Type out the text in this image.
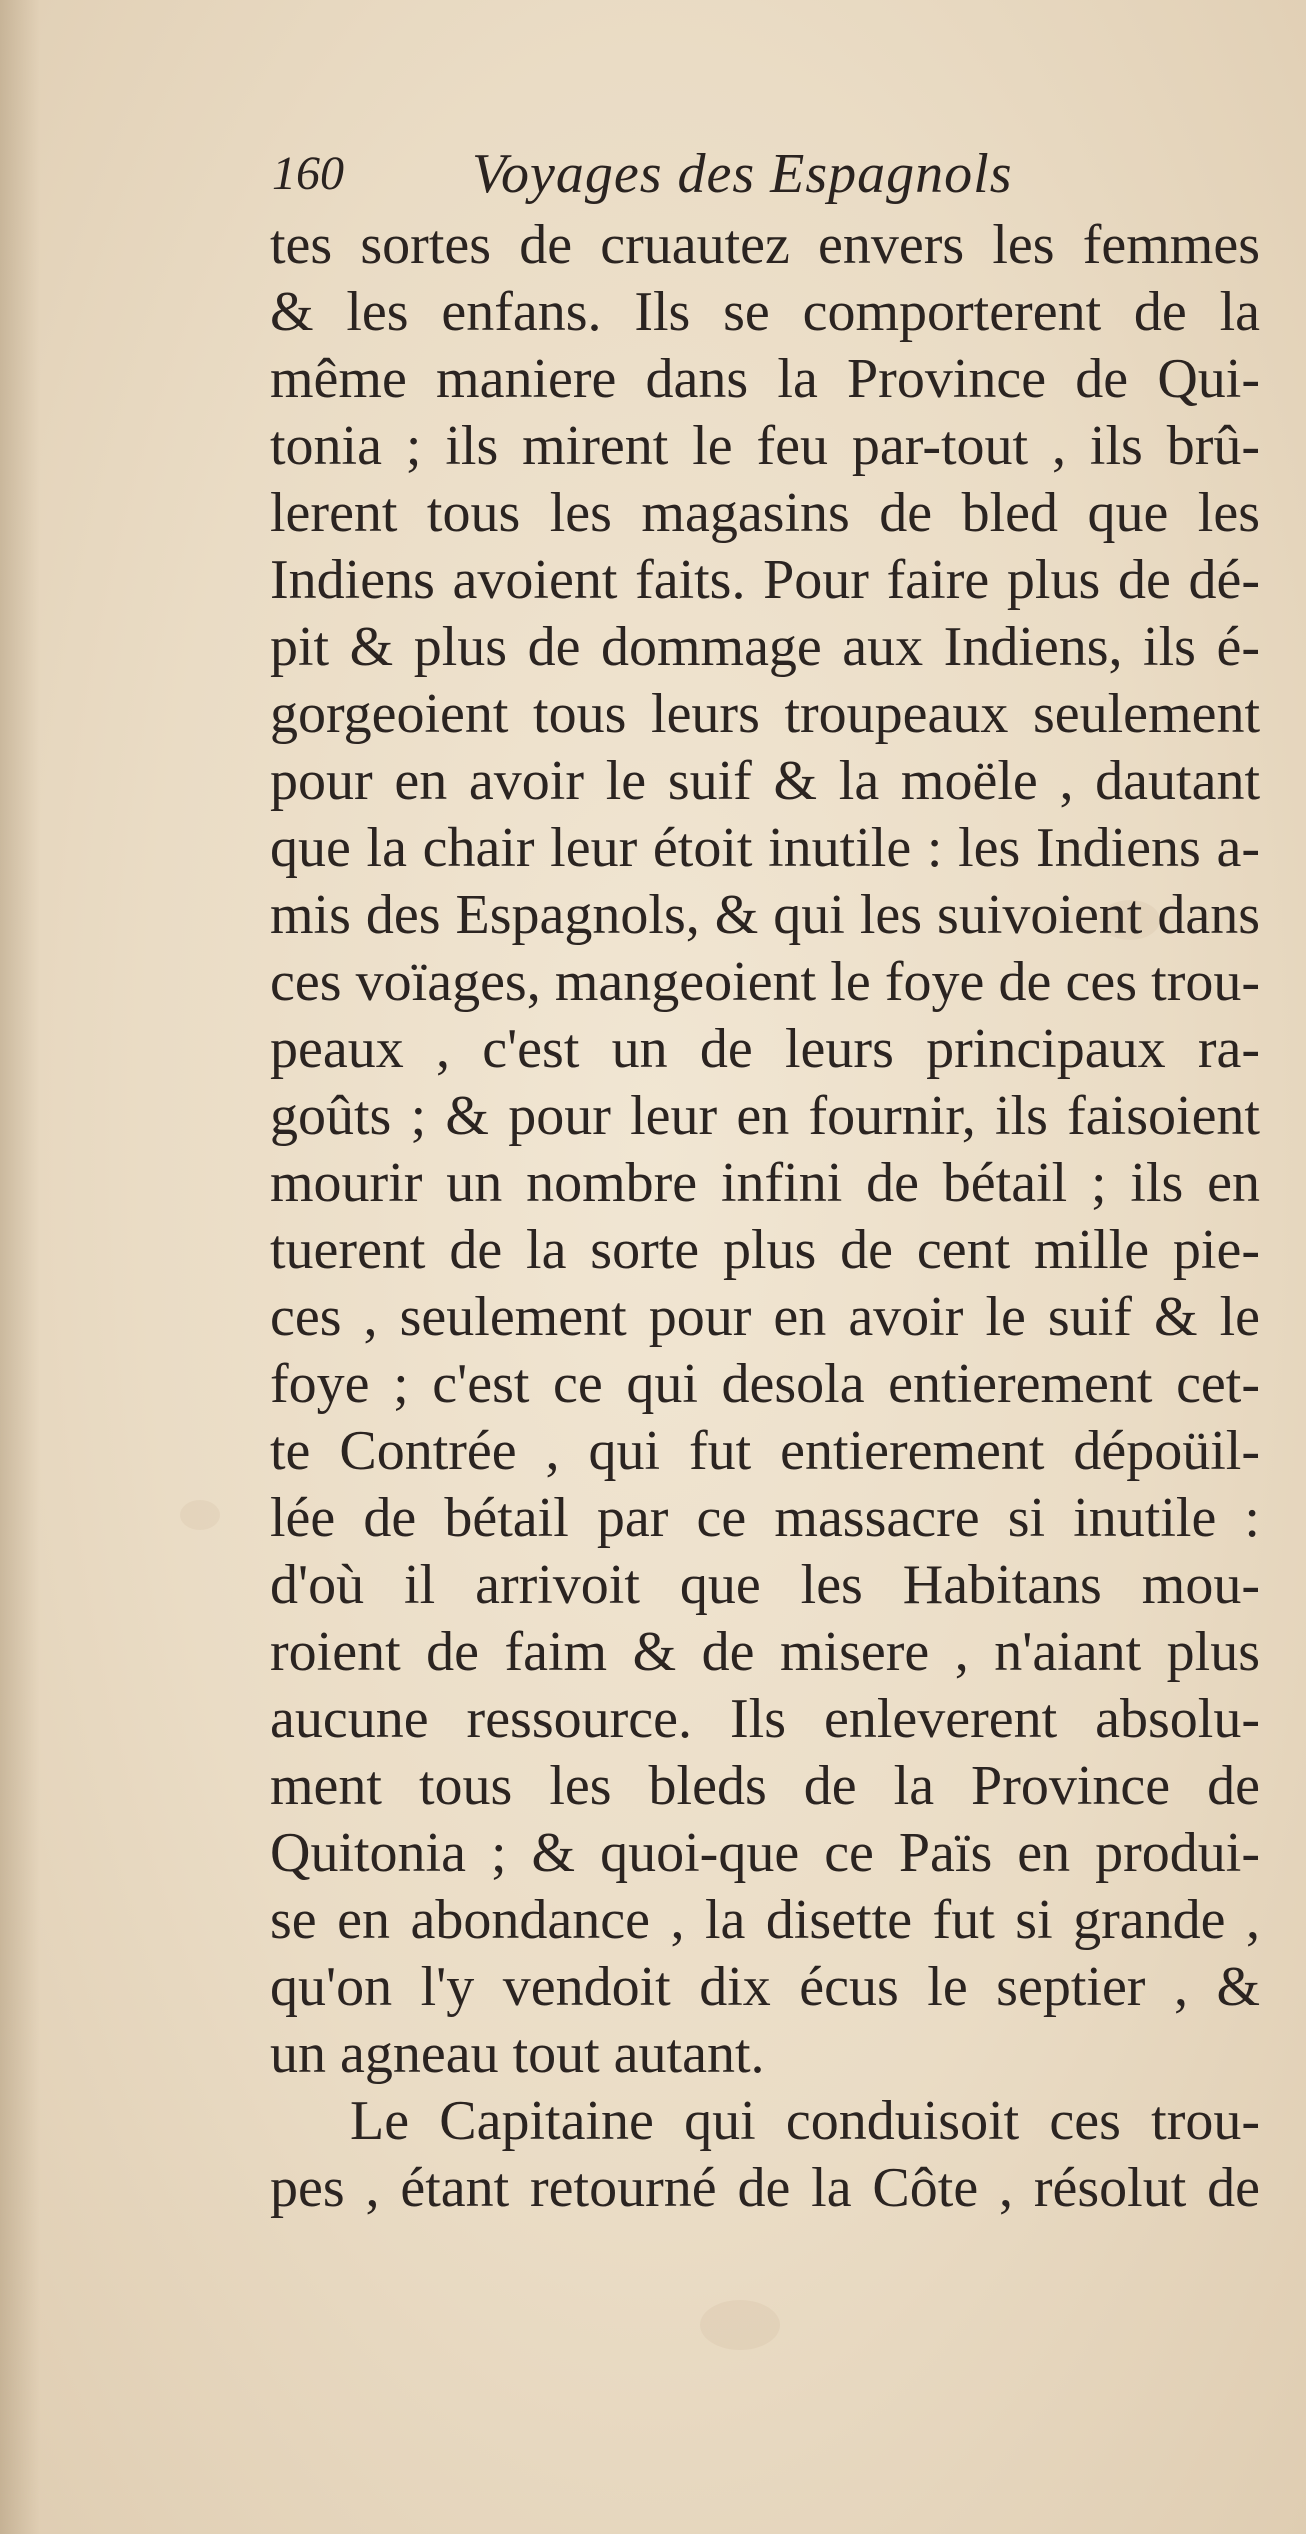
160 Voyages des Espagnols
tes sortes de cruautez envers les femmes
& les enfans. Ils se comporterent de la
même maniere dans la Province de Qui-
tonia ; ils mirent le feu par-tout , ils brû-
lerent tous les magasins de bled que les
Indiens avoient faits. Pour faire plus de dé-
pit & plus de dommage aux Indiens, ils é-
gorgeoient tous leurs troupeaux seulement
pour en avoir le suif & la moële , dautant
que la chair leur étoit inutile : les Indiens a-
mis des Espagnols, & qui les suivoient dans
ces voïages, mangeoient le foye de ces trou-
peaux , c'est un de leurs principaux ra-
goûts ; & pour leur en fournir, ils faisoient
mourir un nombre infini de bétail ; ils en
tuerent de la sorte plus de cent mille pie-
ces , seulement pour en avoir le suif & le
foye ; c'est ce qui desola entierement cet-
te Contrée , qui fut entierement dépoüil-
lée de bétail par ce massacre si inutile :
d'où il arrivoit que les Habitans mou-
roient de faim & de misere , n'aiant plus
aucune ressource. Ils enleverent absolu-
ment tous les bleds de la Province de
Quitonia ; & quoi-que ce Païs en produi-
se en abondance , la disette fut si grande ,
qu'on l'y vendoit dix écus le septier , &
un agneau tout autant.
Le Capitaine qui conduisoit ces trou-
pes , étant retourné de la Côte , résolut de
